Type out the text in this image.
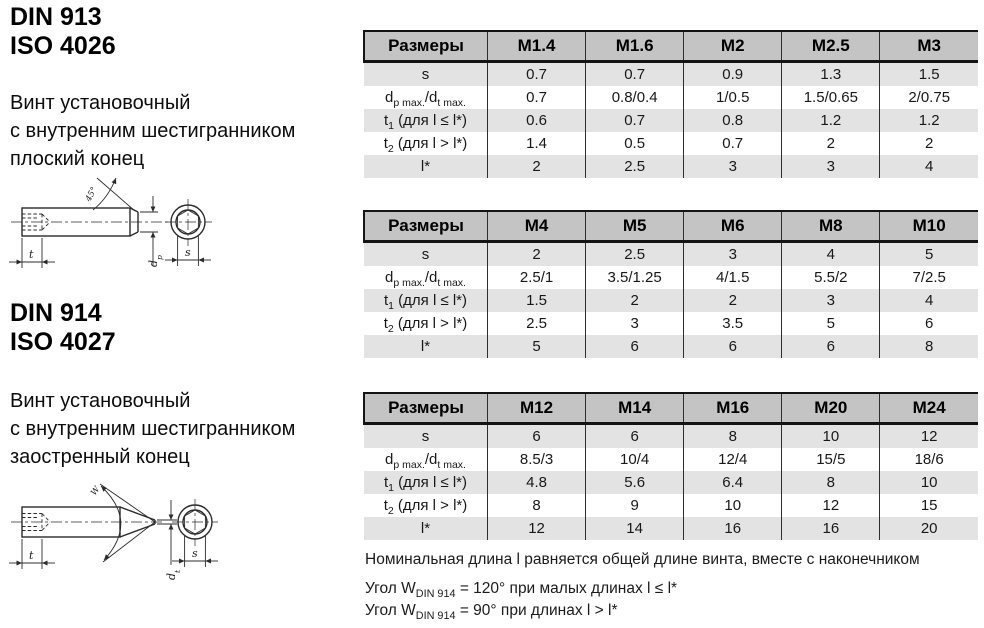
DIN 913
ISO 4026
Винт установочный
с внутренним шестигранником
плоский конец
45°
t
$d_p$ s
DIN 914
ISO 4027
Винт установочный
с внутренним шестигранником
заостренный конец
W
t
$d_t$
s
Размеры	M1.4	M1.6	M2	M2.5	M3
s	0.7	0.7	0.9	1.3	1.5
$d_{p max.}/d_{t max.}$	0.7	0.8/0.4	1/0.5	1.5/0.65	2/0.75
$t_1$ (для l ≤ l*)	0.6	0.7	0.8	1.2	1.2
$t_2$ (для l > l*)	1.4	0.5	0.7	2	2
l*	2	2.5	3	3	4
Размеры	M4	M5	M6	M8	M10
s	2	2.5	3	4	5
$d_{p max.}/d_{t max.}$	2.5/1	3.5/1.25	4/1.5	5.5/2	7/2.5
$t_1$ (для l ≤ l*)	1.5	2	2	3	4
$t_2$ (для l > l*)	2.5	3	3.5	5	6
l*	5	6	6	6	8
Размеры	M12	M14	M16	M20	M24
s	6	6	8	10	12
$d_{p max.}/d_{t max.}$	8.5/3	10/4	12/4	15/5	18/6
$t_1$ (для l ≤ l*)	4.8	5.6	6.4	8	10
$t_2$ (для l > l*)	8	9	10	12	15
l*	12	14	16	16	20
Номинальная длина l равняется общей длине винта, вместе с наконечником
Угол $W_{DIN 914} = 120^\circ$ при малых длинах l ≤ l*
Угол $W_{DIN 914} = 90^\circ$ при длинах l > l*
